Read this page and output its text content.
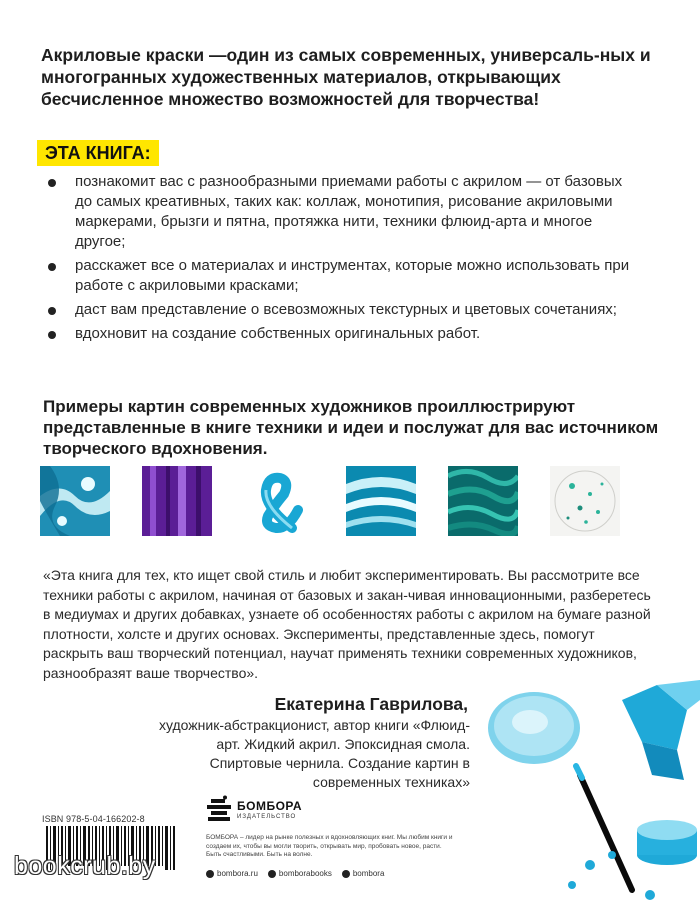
Акриловые краски —один из самых современных, универсаль-ных и многогранных художественных материалов, открывающих бесчисленное множество возможностей для творчества!
ЭТА КНИГА:
познакомит вас с разнообразными приемами работы с акрилом — от базовых до самых креативных, таких как: коллаж, монотипия, рисование акриловыми маркерами, брызги и пятна, протяжка нити, техники флюид-арта и многое другое;
расскажет все о материалах и инструментах, которые можно использовать при работе с акриловыми красками;
даст вам представление о всевозможных текстурных и цветовых сочетаниях;
вдохновит на создание собственных оригинальных работ.
Примеры картин современных художников проиллюстрируют представленные в книге техники и идеи и послужат для вас источником творческого вдохновения.
«Эта книга для тех, кто ищет свой стиль и любит экспериментировать. Вы рассмотрите все техники работы с акрилом, начиная от базовых и закан-чивая инновационными, разберетесь в медиумах и других добавках, узнаете об особенностях работы с акрилом на бумаге разной плотности, холсте и других основах. Эксперименты, представленные здесь, помогут раскрыть ваш творческий потенциал, научат применять техники современных художников, разнообразят ваше творчество».
Екатерина Гаврилова,
художник-абстракционист, автор книги «Флюид-арт. Жидкий акрил. Эпоксидная смола. Спиртовые чернила. Создание картин в современных техниках»
ISBN 978-5-04-166202-8
БОМБОРА
ИЗДАТЕЛЬСТВО
БОМБОРА – лидер на рынке полезных и вдохновляющих книг. Мы любим книги и создаем их, чтобы вы могли творить, открывать мир, пробовать новое, расти. Быть счастливыми. Быть на волне.
bombora.ru	bomborabooks	bombora
bookcrub.by
